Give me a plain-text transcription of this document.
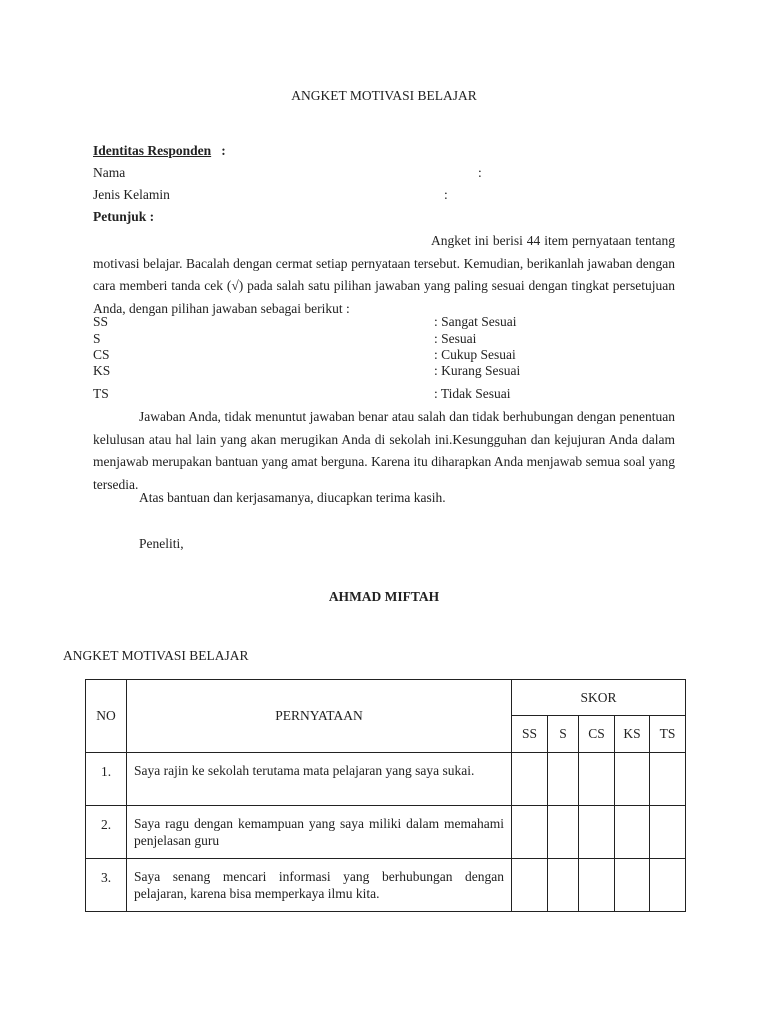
ANGKET MOTIVASI BELAJAR
Identitas Responden :
Nama	:
Jenis Kelamin	:
Petunjuk :
Angket ini berisi 44 item pernyataan tentang motivasi belajar. Bacalah dengan cermat setiap pernyataan tersebut. Kemudian, berikanlah jawaban dengan cara memberi tanda cek (√) pada salah satu pilihan jawaban yang paling sesuai dengan tingkat persetujuan Anda, dengan pilihan jawaban sebagai berikut :
SS	: Sangat Sesuai
S	: Sesuai
CS	: Cukup Sesuai
KS	: Kurang Sesuai
TS	: Tidak Sesuai
Jawaban Anda, tidak menuntut jawaban benar atau salah dan tidak berhubungan dengan penentuan kelulusan atau hal lain yang akan merugikan Anda di sekolah ini.Kesungguhan dan kejujuran Anda dalam menjawab merupakan bantuan yang amat berguna. Karena itu diharapkan Anda menjawab semua soal yang tersedia.
Atas bantuan dan kerjasamanya, diucapkan terima kasih.
Peneliti,
AHMAD MIFTAH
ANGKET MOTIVASI BELAJAR
NO	PERNYATAAN	SKOR				
		SS	S	CS	KS	TS
1.	Saya rajin ke sekolah terutama mata pelajaran yang saya sukai.					
2.	Saya ragu dengan kemampuan yang saya miliki dalam memahami penjelasan guru					
3.	Saya senang mencari informasi yang berhubungan dengan pelajaran, karena bisa memperkaya ilmu kita.					
